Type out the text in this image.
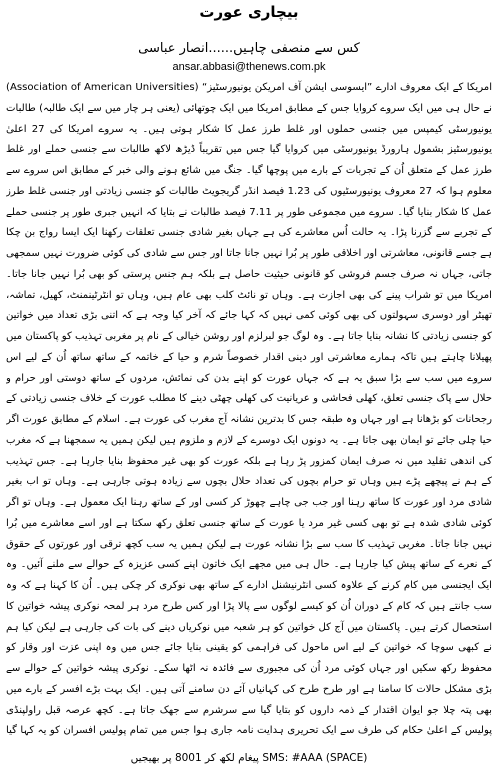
بیچاری عورت
کس سے منصفی چاہیں......انصار عباسی
ansar.abbasi@thenews.com.pk

امریکا کے ایک معروف ادارے ”ایسوسی ایشن آف امریکن یونیورسٹیز“ (Association of American Universities) نے حال ہی میں ایک سروے کروایا جس کے مطابق امریکا میں ایک چوتھائی (یعنی ہر چار میں سے ایک طالبہ) طالبات یونیورسٹی کیمپس میں جنسی حملوں اور غلط طرز عمل کا شکار ہوتی ہیں۔ یہ سروے امریکا کی 27 اعلیٰ یونیورسٹیز بشمول ہارورڈ یونیورسٹی میں کروایا گیا جس میں تقریباً ڈیڑھ لاکھ طالبات سے جنسی حملے اور غلط طرز عمل کے متعلق اُن کے تجربات کے بارے میں پوچھا گیا۔ جنگ میں شائع ہونے والی خبر کے مطابق اس سروے سے معلوم ہوا کہ 27 معروف یونیورسٹیوں کی 1.23 فیصد انڈر گریجویٹ طالبات کو جنسی زیادتی اور جنسی غلط طرز عمل کا شکار بنایا گیا۔ سروے میں مجموعی طور پر 7.11 فیصد طالبات نے بتایا کہ انہیں جبری طور پر جنسی حملے کے تجربے سے گزرنا پڑا۔ یہ حالت اُس معاشرے کی ہے جہاں بغیر شادی جنسی تعلقات رکھنا ایک ایسا رواج بن چکا ہے جسے قانونی، معاشرتی اور اخلاقی طور پر بُرا نہیں جانا جاتا اور جس سے شادی کی کوئی ضرورت نہیں سمجھی جاتی، جہاں نہ صرف جسم فروشی کو قانونی حیثیت حاصل ہے بلکہ ہم جنس پرستی کو بھی بُرا نہیں جانا جاتا۔ امریکا میں تو شراب پینے کی بھی اجازت ہے۔ وہاں تو نائٹ کلب بھی عام ہیں، وہاں تو انٹرٹینمنٹ، کھیل، تماشہ، تھیٹر اور دوسری سہولتوں کی بھی کوئی کمی نہیں کہ کہا جائے کہ آخر کیا وجہ ہے کہ اتنی بڑی تعداد میں خواتین کو جنسی زیادتی کا نشانہ بنایا جاتا ہے۔ وہ لوگ جو لبرلزم اور روشن خیالی کے نام پر مغربی تہذیب کو پاکستان میں پھیلانا چاہتے ہیں تاکہ ہمارے معاشرتی اور دینی اقدار خصوصاً شرم و حیا کے خاتمہ کے ساتھ ساتھ اُن کے لیے اس سروے میں سب سے بڑا سبق یہ ہے کہ جہاں عورت کو اپنے بدن کی نمائش، مردوں کے ساتھ دوستی اور حرام و حلال سے پاک جنسی تعلق، کھلی فحاشی و عریانیت کی کھلی چھٹی دینے کا مطلب عورت کے خلاف جنسی زیادتی کے رجحانات کو بڑھانا ہے اور جہاں وہ طبقہ جس کا بدترین نشانہ آج مغرب کی عورت ہے۔ اسلام کے مطابق عورت اگر حیا چلی جائے تو ایمان بھی جاتا ہے۔ یہ دونوں ایک دوسرے کے لازم و ملزوم ہیں لیکن ہمیں یہ سمجھنا ہے کہ مغرب کی اندھی تقلید میں نہ صرف ایمان کمزور پڑ رہا ہے بلکہ عورت کو بھی غیر محفوظ بنایا جارہا ہے۔ جس تہذیب کے ہم نے پیچھے پڑے ہیں وہاں تو حرام بچوں کی تعداد حلال بچوں سے زیادہ ہوتی جارہی ہے۔ وہاں تو اب بغیر شادی مرد اور عورت کا ساتھ رہنا اور جب جی چاہے چھوڑ کر کسی اور کے ساتھ رہنا ایک معمول ہے۔ وہاں تو اگر کوئی شادی شدہ ہے تو بھی کسی غیر مرد یا عورت کے ساتھ جنسی تعلق رکھ سکتا ہے اور اسے معاشرے میں بُرا نہیں جانا جاتا۔ مغربی تہذیب کا سب سے بڑا نشانہ عورت ہے لیکن ہمیں یہ سب کچھ ترقی اور عورتوں کے حقوق کے نعرے کے ساتھ پیش کیا جارہا ہے۔ حال ہی میں مجھے ایک خاتون اپنے کسی عزیزہ کے حوالے سے ملنے آئیں۔ وہ ایک ایجنسی میں کام کرنے کے علاوہ کسی انٹرنیشنل ادارے کے ساتھ بھی نوکری کر چکی ہیں۔ اُن کا کہنا ہے کہ وہ سب جانتے ہیں کہ کام کے دوران اُن کو کیسے لوگوں سے پالا پڑا اور کس طرح مرد ہر لمحہ نوکری پیشہ خواتین کا استحصال کرتے ہیں۔ پاکستان میں آج کل خواتین کو ہر شعبہ میں نوکریاں دینے کی بات کی جارہی ہے لیکن کیا ہم نے کبھی سوچا کہ خواتین کے لیے اس ماحول کی فراہمی کو یقینی بنایا جائے جس میں وہ اپنی عزت اور وقار کو محفوظ رکھ سکیں اور جہاں کوئی مرد اُن کی مجبوری سے فائدہ نہ اٹھا سکے۔ نوکری پیشہ خواتین کے حوالے سے بڑی مشکل حالات کا سامنا ہے اور طرح طرح کی کہانیاں آئے دن سامنے آتی ہیں۔ ایک بہت بڑے افسر کے بارے میں بھی پتہ چلا جو ایوان اقتدار کے ذمہ داروں کو بتایا گیا سے سرشرم سے جھک جاتا ہے۔ کچھ عرصہ قبل راولپنڈی پولیس کے اعلیٰ حکام کی طرف سے ایک تحریری ہدایت نامہ جاری ہوا جس میں تمام پولیس افسران کو یہ کہا گیا

SMS: #AAA (SPACE) پیغام لکھ کر 8001 پر بھیجیں
